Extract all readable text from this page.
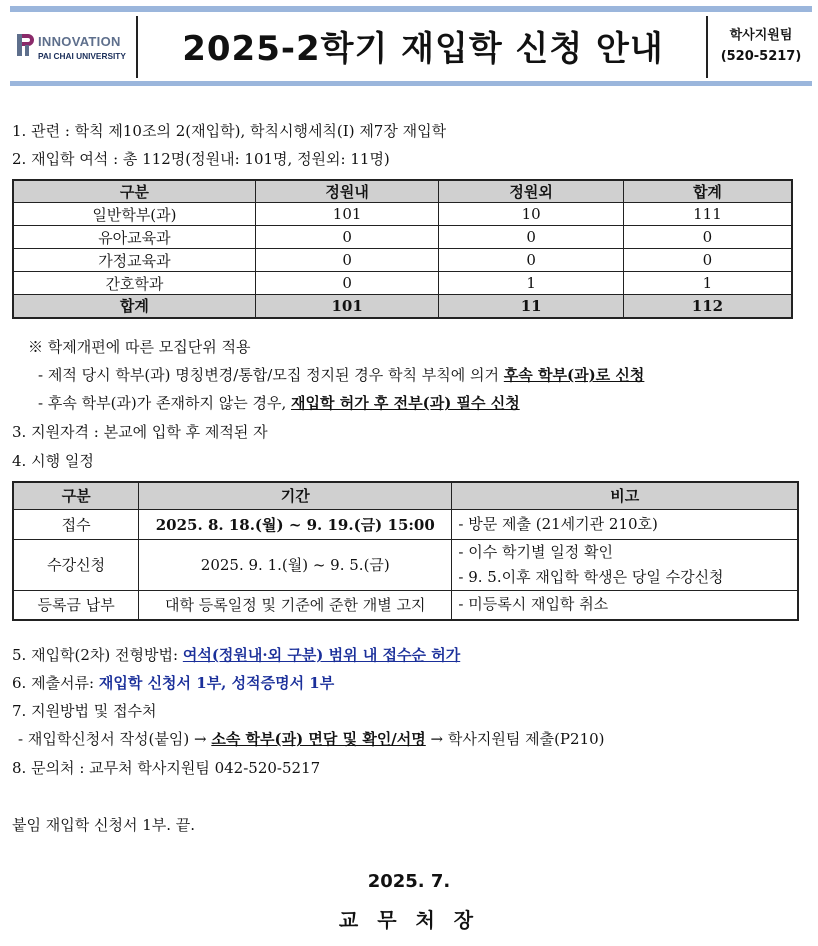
INNOVATION
PAI CHAI UNIVERSITY	2025-2학기 재입학 신청 안내	학사지원팀
(520-5217)
1. 관련 : 학칙 제10조의 2(재입학), 학칙시행세칙(Ⅰ) 제7장 재입학
2. 재입학 여석 : 총 112명(정원내: 101명, 정원외: 11명)
구분	정원내	정원외	합계
일반학부(과)	101	10	111
유아교육과	0	0	0
가정교육과	0	0	0
간호학과	0	1	1
합계	101	11	112
※ 학제개편에 따른 모집단위 적용
- 제적 당시 학부(과) 명칭변경/통합/모집 정지된 경우 학칙 부칙에 의거 후속 학부(과)로 신청
- 후속 학부(과)가 존재하지 않는 경우, 재입학 허가 후 전부(과) 필수 신청
3. 지원자격 : 본교에 입학 후 제적된 자
4. 시행 일정
구분	기간	비고
접수	2025. 8. 18.(월) ~ 9. 19.(금) 15:00	- 방문 제출 (21세기관 210호)

수강신청	2025. 9. 1.(월) ~ 9. 5.(금)	- 이수 학기별 일정 확인
- 9. 5.이후 재입학 학생은 당일 수강신청

등록금 납부	대학 등록일정 및 기준에 준한 개별 고지	- 미등록시 재입학 취소
5. 재입학(2차) 전형방법: 여석(정원내·외 구분) 범위 내 접수순 허가
6. 제출서류: 재입학 신청서 1부, 성적증명서 1부
7. 지원방법 및 접수처
- 재입학신청서 작성(붙임) → 소속 학부(과) 면담 및 확인/서명 → 학사지원팀 제출(P210)
8. 문의처 : 교무처 학사지원팀 042-520-5217
붙임 재입학 신청서 1부. 끝.
2025. 7.
교 무 처 장
